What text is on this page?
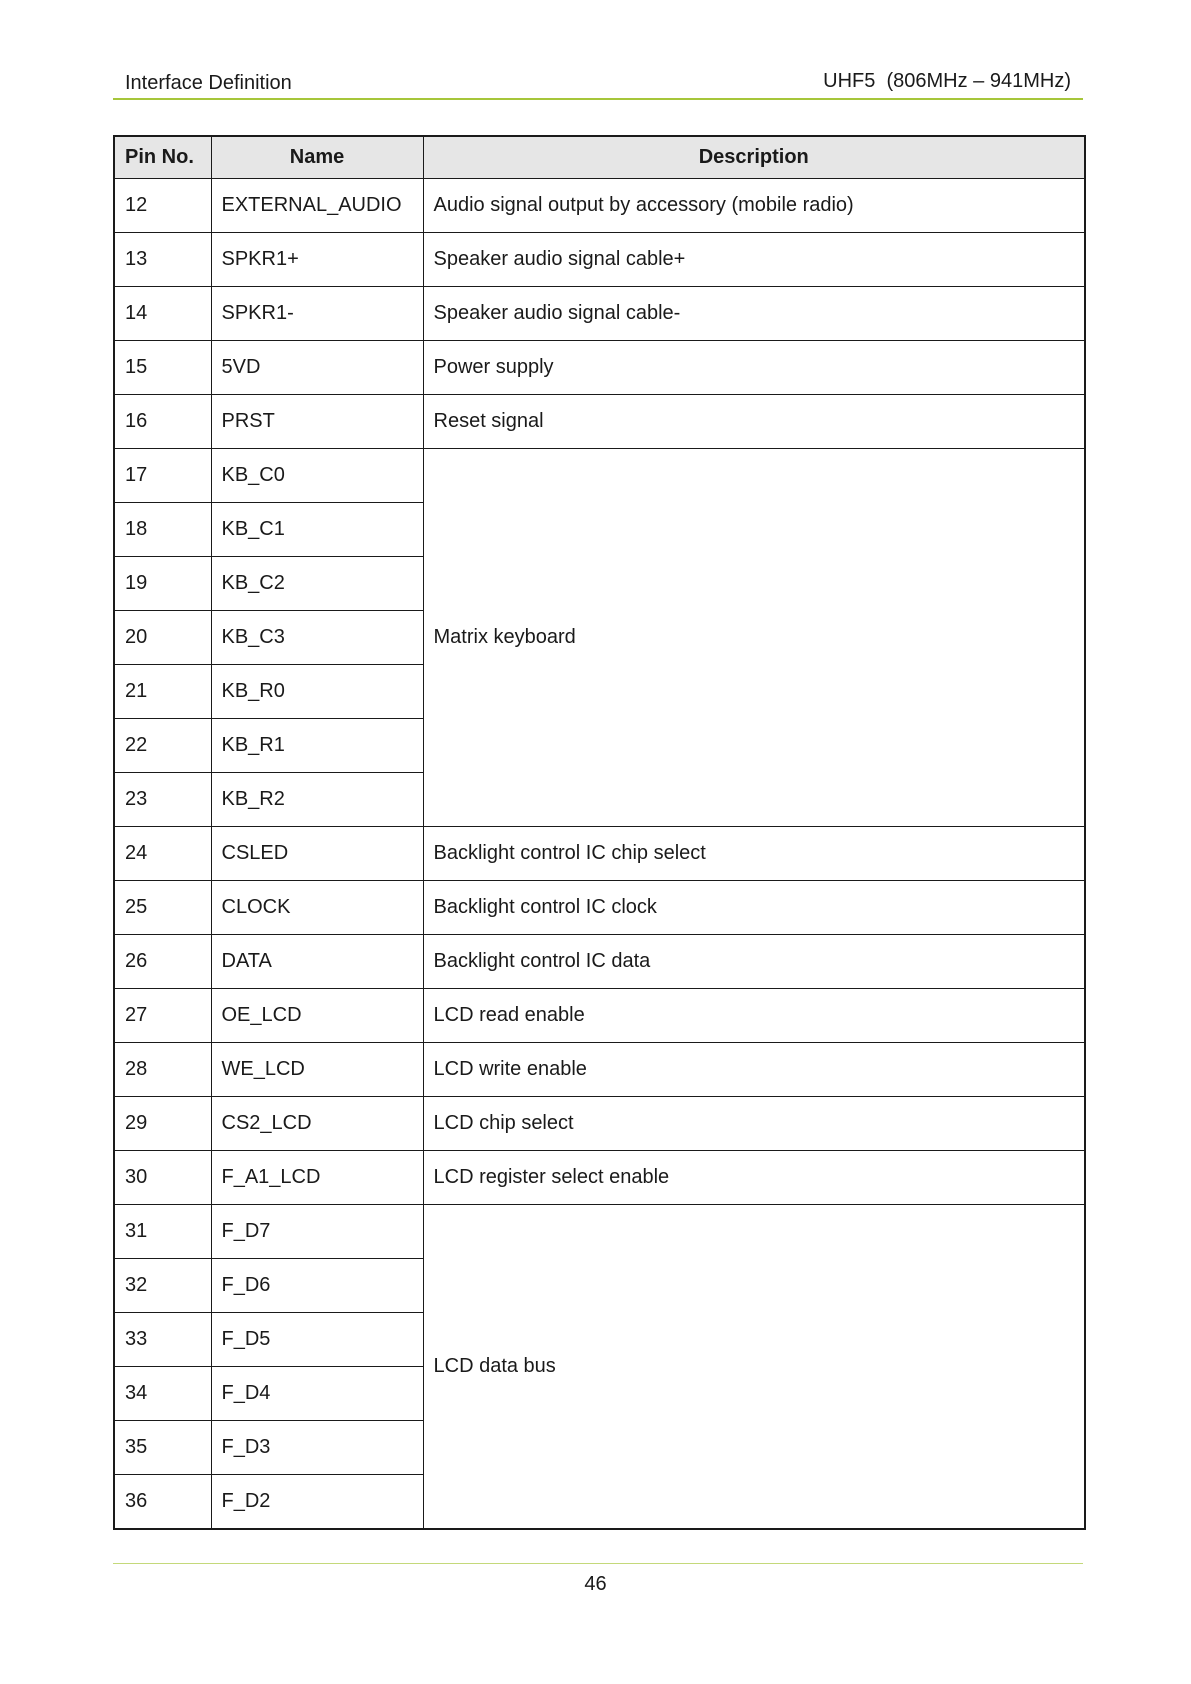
Interface Definition	UHF5  (806MHz – 941MHz)
Pin No.	Name	Description
12	EXTERNAL_AUDIO	Audio signal output by accessory (mobile radio)
13	SPKR1+	Speaker audio signal cable+
14	SPKR1-	Speaker audio signal cable-
15	5VD	Power supply
16	PRST	Reset signal
17	KB_C0	Matrix keyboard
18	KB_C1	
19	KB_C2	
20	KB_C3	
21	KB_R0	
22	KB_R1	
23	KB_R2	
24	CSLED	Backlight control IC chip select
25	CLOCK	Backlight control IC clock
26	DATA	Backlight control IC data
27	OE_LCD	LCD read enable
28	WE_LCD	LCD write enable
29	CS2_LCD	LCD chip select
30	F_A1_LCD	LCD register select enable
31	F_D7	LCD data bus
32	F_D6	
33	F_D5	
34	F_D4	
35	F_D3	
36	F_D2	
46
